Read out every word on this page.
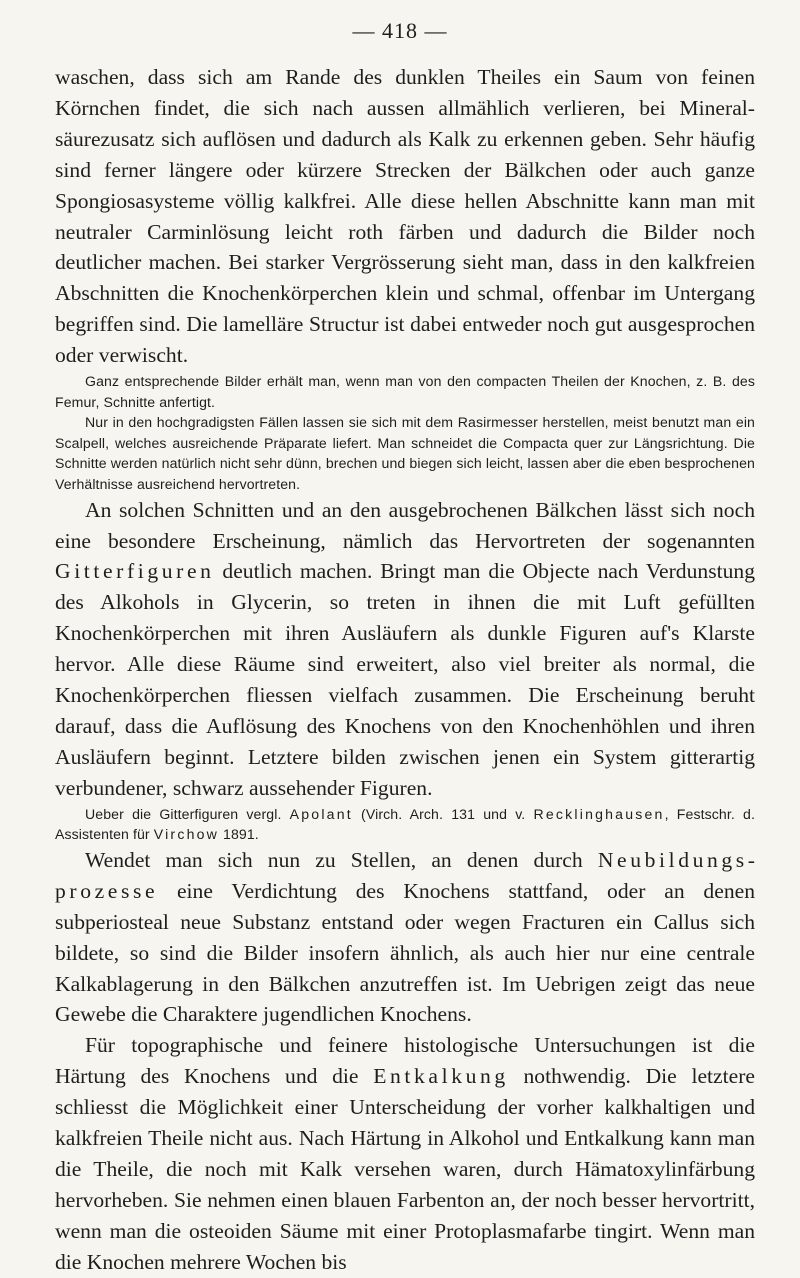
— 418 —

waschen, dass sich am Rande des dunklen Theiles ein Saum von feinen Körnchen findet, die sich nach aussen allmählich verlieren, bei Mineralsäurezusatz sich auflösen und dadurch als Kalk zu erkennen geben. Sehr häufig sind ferner längere oder kürzere Strecken der Bälkchen oder auch ganze Spongiosasysteme völlig kalkfrei. Alle diese hellen Abschnitte kann man mit neutraler Carminlösung leicht roth färben und dadurch die Bilder noch deutlicher machen. Bei starker Vergrösserung sieht man, dass in den kalkfreien Abschnitten die Knochenkörperchen klein und schmal, offenbar im Untergang begriffen sind. Die lamelläre Structur ist dabei entweder noch gut ausgesprochen oder verwischt.

Ganz entsprechende Bilder erhält man, wenn man von den compacten Theilen der Knochen, z. B. des Femur, Schnitte anfertigt.

Nur in den hochgradigsten Fällen lassen sie sich mit dem Rasirmesser herstellen, meist benutzt man ein Scalpell, welches ausreichende Präparate liefert. Man schneidet die Compacta quer zur Längsrichtung. Die Schnitte werden natürlich nicht sehr dünn, brechen und biegen sich leicht, lassen aber die eben besprochenen Verhältnisse ausreichend hervortreten.

An solchen Schnitten und an den ausgebrochenen Bälkchen lässt sich noch eine besondere Erscheinung, nämlich das Hervortreten der sogenannten Gitterfiguren deutlich machen. Bringt man die Objecte nach Verdunstung des Alkohols in Glycerin, so treten in ihnen die mit Luft gefüllten Knochenkörperchen mit ihren Ausläufern als dunkle Figuren auf's Klarste hervor. Alle diese Räume sind erweitert, also viel breiter als normal, die Knochenkörperchen fliessen vielfach zusammen. Die Erscheinung beruht darauf, dass die Auflösung des Knochens von den Knochenhöhlen und ihren Ausläufern beginnt. Letztere bilden zwischen jenen ein System gitterartig verbundener, schwarz aussehender Figuren.

Ueber die Gitterfiguren vergl. Apolant (Virch. Arch. 131 und v. Recklinghausen, Festschr. d. Assistenten für Virchow 1891.

Wendet man sich nun zu Stellen, an denen durch Neubildungsprozesse eine Verdichtung des Knochens stattfand, oder an denen subperiosteal neue Substanz entstand oder wegen Fracturen ein Callus sich bildete, so sind die Bilder insofern ähnlich, als auch hier nur eine centrale Kalkablagerung in den Bälkchen anzutreffen ist. Im Uebrigen zeigt das neue Gewebe die Charaktere jugendlichen Knochens.

Für topographische und feinere histologische Untersuchungen ist die Härtung des Knochens und die Entkalkung nothwendig. Die letztere schliesst die Möglichkeit einer Unterscheidung der vorher kalkhaltigen und kalkfreien Theile nicht aus. Nach Härtung in Alkohol und Entkalkung kann man die Theile, die noch mit Kalk versehen waren, durch Hämatoxylinfärbung hervorheben. Sie nehmen einen blauen Farbenton an, der noch besser hervortritt, wenn man die osteoiden Säume mit einer Protoplasmafarbe tingirt. Wenn man die Knochen mehrere Wochen bis
